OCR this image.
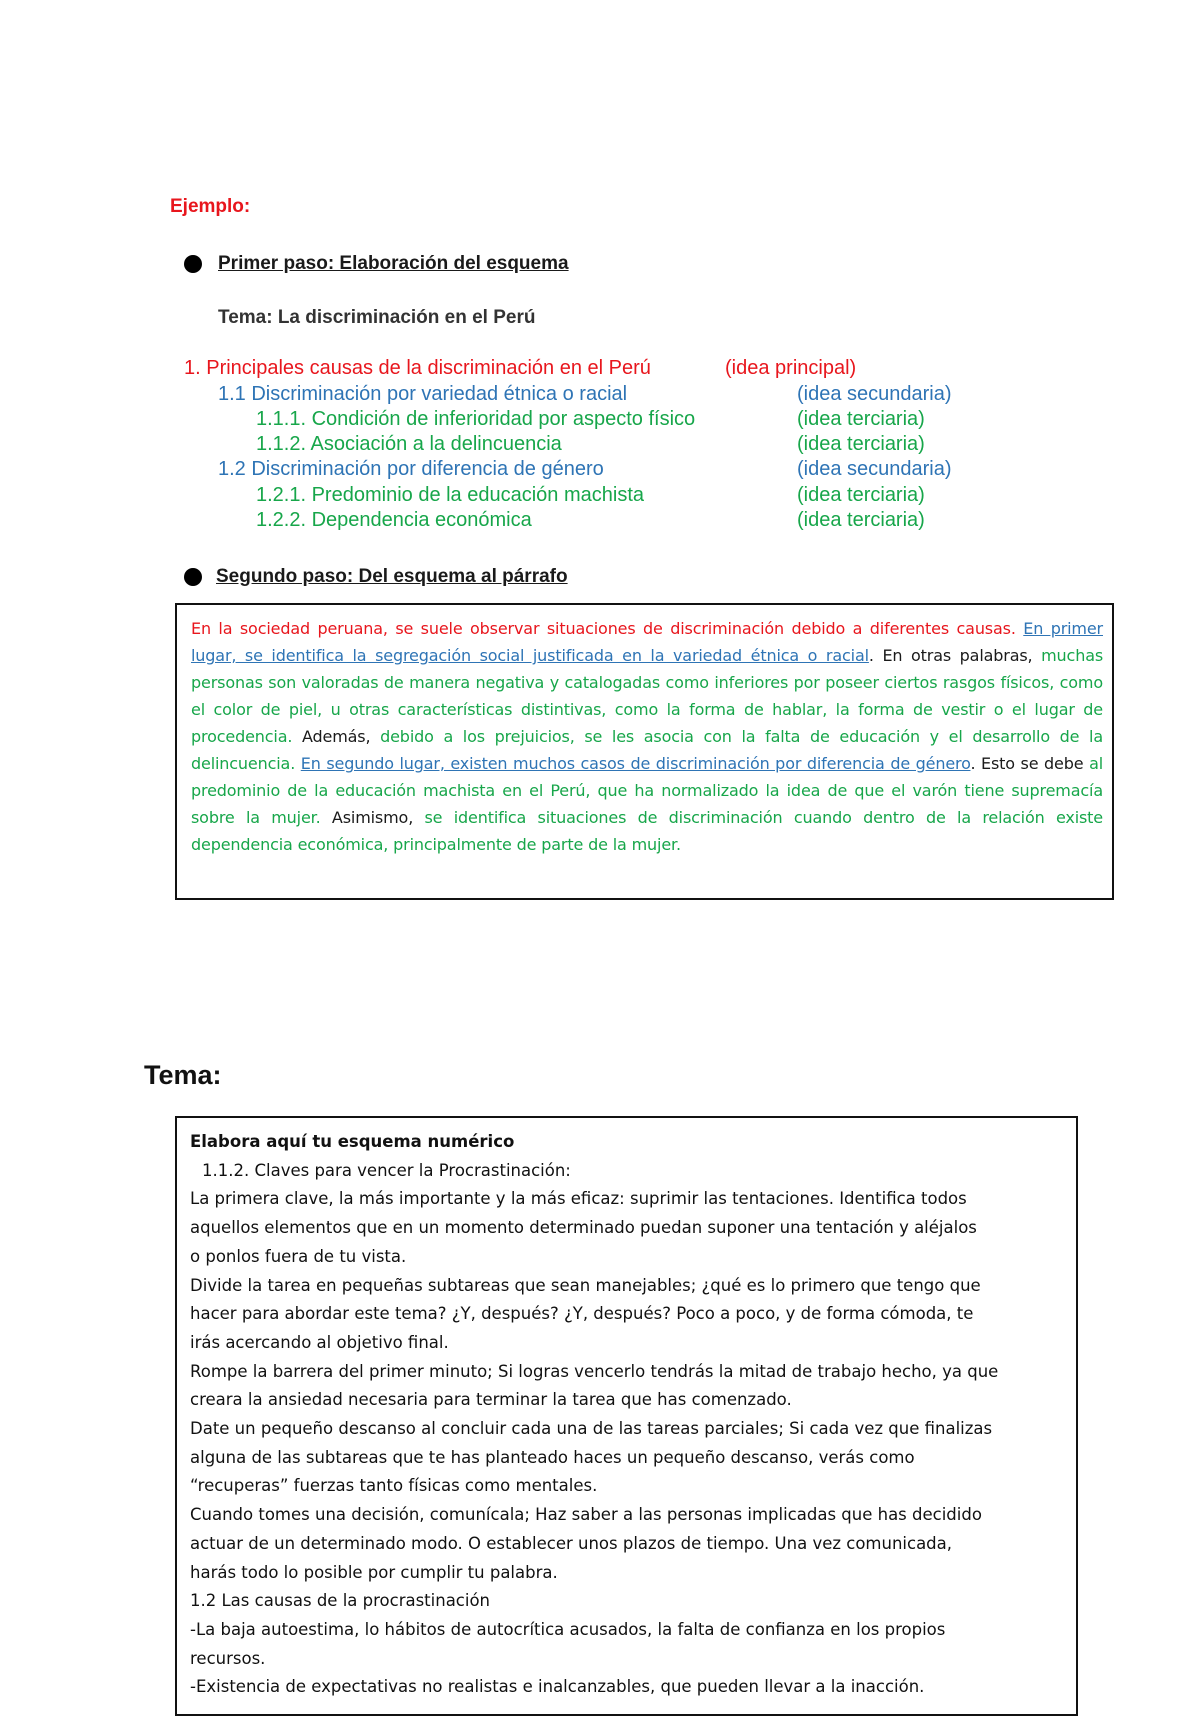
Ejemplo:
Primer paso: Elaboración del esquema
Tema: La discriminación en el Perú
1. Principales causas de la discriminación en el Perú	(idea principal)
1.1 Discriminación por variedad étnica o racial	(idea secundaria)
1.1.1. Condición de inferioridad por aspecto físico	(idea terciaria)
1.1.2. Asociación a la delincuencia	(idea terciaria)
1.2 Discriminación por diferencia de género	(idea secundaria)
1.2.1. Predominio de la educación machista	(idea terciaria)
1.2.2. Dependencia económica	(idea terciaria)
Segundo paso: Del esquema al párrafo
En la sociedad peruana, se suele observar situaciones de discriminación debido a diferentes causas. En primer lugar, se identifica la segregación social justificada en la variedad étnica o racial. En otras palabras, muchas personas son valoradas de manera negativa y catalogadas como inferiores por poseer ciertos rasgos físicos, como el color de piel, u otras características distintivas, como la forma de hablar, la forma de vestir o el lugar de procedencia. Además, debido a los prejuicios, se les asocia con la falta de educación y el desarrollo de la delincuencia. En segundo lugar, existen muchos casos de discriminación por diferencia de género. Esto se debe al predominio de la educación machista en el Perú, que ha normalizado la idea de que el varón tiene supremacía sobre la mujer. Asimismo, se identifica situaciones de discriminación cuando dentro de la relación existe dependencia económica, principalmente de parte de la mujer.
Tema:
Elabora aquí tu esquema numérico
1.1.2. Claves para vencer la Procrastinación:
La primera clave, la más importante y la más eficaz: suprimir las tentaciones. Identifica todos
aquellos elementos que en un momento determinado puedan suponer una tentación y aléjalos
o ponlos fuera de tu vista.
Divide la tarea en pequeñas subtareas que sean manejables; ¿qué es lo primero que tengo que
hacer para abordar este tema? ¿Y, después? ¿Y, después? Poco a poco, y de forma cómoda, te
irás acercando al objetivo final.
Rompe la barrera del primer minuto; Si logras vencerlo tendrás la mitad de trabajo hecho, ya que
creara la ansiedad necesaria para terminar la tarea que has comenzado.
Date un pequeño descanso al concluir cada una de las tareas parciales; Si cada vez que finalizas
alguna de las subtareas que te has planteado haces un pequeño descanso, verás como
“recuperas” fuerzas tanto físicas como mentales.
Cuando tomes una decisión, comunícala; Haz saber a las personas implicadas que has decidido
actuar de un determinado modo. O establecer unos plazos de tiempo. Una vez comunicada,
harás todo lo posible por cumplir tu palabra.
1.2 Las causas de la procrastinación
-La baja autoestima, lo hábitos de autocrítica acusados, la falta de confianza en los propios
recursos.
-Existencia de expectativas no realistas e inalcanzables, que pueden llevar a la inacción.
